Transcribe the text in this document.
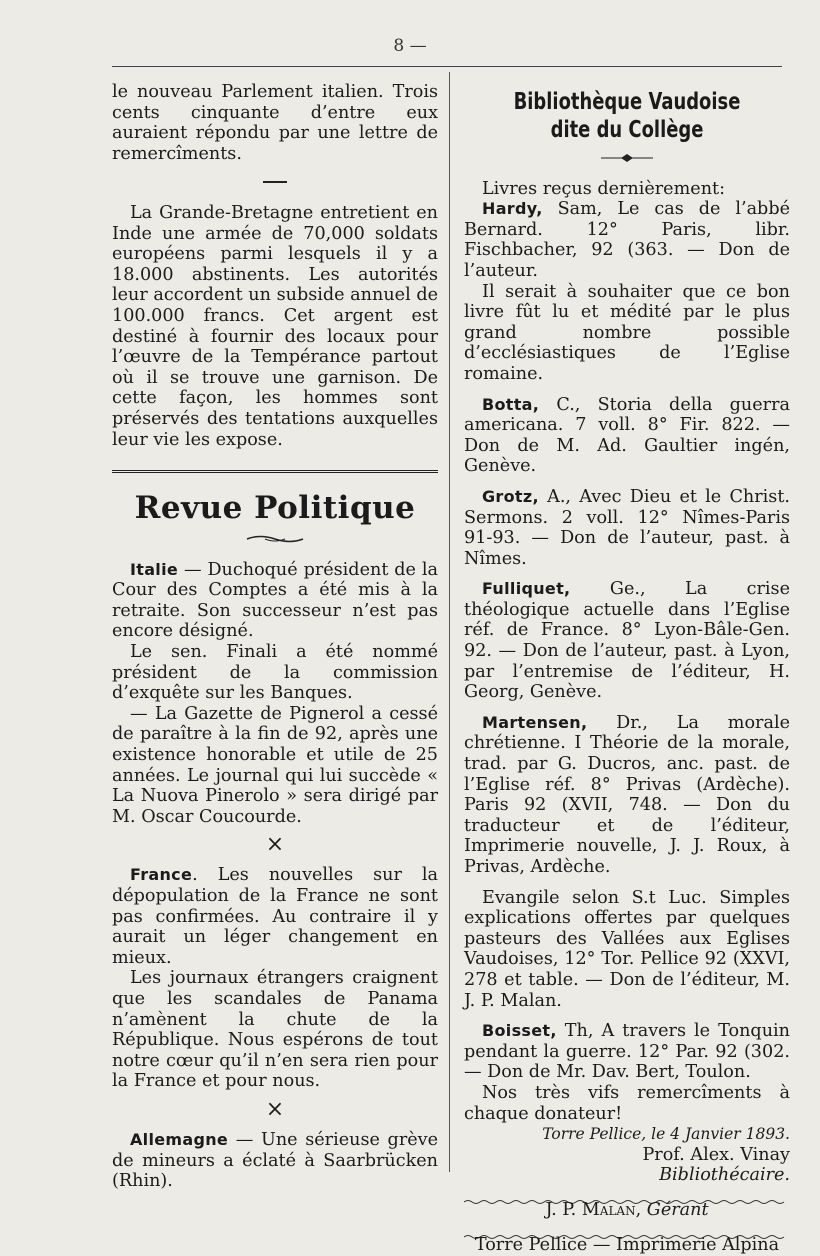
8 —

le nouveau Parlement italien. Trois cents cinquante d’entre eux auraient répondu par une lettre de remercîments.

La Grande-Bretagne entretient en Inde une armée de 70,000 soldats européens parmi lesquels il y a 18.000 abstinents. Les autorités leur accordent un subside annuel de 100.000 francs. Cet argent est destiné à fournir des locaux pour l’œuvre de la Tempérance partout où il se trouve une garnison. De cette façon, les hommes sont préservés des tentations auxquelles leur vie les expose.

Revue Politique

Italie — Duchoqué président de la Cour des Comptes a été mis à la retraite. Son successeur n’est pas encore désigné.

Le sen. Finali a été nommé président de la commission d’exquête sur les Banques.

— La Gazette de Pignerol a cessé de paraître à la fin de 92, après une existence honorable et utile de 25 années. Le journal qui lui succède « La Nuova Pinerolo » sera dirigé par M. Oscar Coucourde.

×

France. Les nouvelles sur la dépopulation de la France ne sont pas confirmées. Au contraire il y aurait un léger changement en mieux.

Les journaux étrangers craignent que les scandales de Panama n’amènent la chute de la République. Nous espérons de tout notre cœur qu’il n’en sera rien pour la France et pour nous.

×

Allemagne — Une sérieuse grève de mineurs a éclaté à Saarbrücken (Rhin).

Bibliothèque Vaudoise dite du Collège

Livres reçus dernièrement:

Hardy, Sam, Le cas de l’abbé Bernard. 12° Paris, libr. Fischbacher, 92 (363. — Don de l’auteur.

Il serait à souhaiter que ce bon livre fût lu et médité par le plus grand nombre possible d’ecclésiastiques de l’Eglise romaine.

Botta, C., Storia della guerra americana. 7 voll. 8° Fir. 822. — Don de M. Ad. Gaultier ingén, Genève.

Grotz, A., Avec Dieu et le Christ. Sermons. 2 voll. 12° Nîmes-Paris 91-93. — Don de l’auteur, past. à Nîmes.

Fulliquet, Ge., La crise théologique actuelle dans l’Eglise réf. de France. 8° Lyon-Bâle-Gen. 92. — Don de l’auteur, past. à Lyon, par l’entremise de l’éditeur, H. Georg, Genève.

Martensen, Dr., La morale chrétienne. I Théorie de la morale, trad. par G. Ducros, anc. past. de l’Eglise réf. 8° Privas (Ardèche). Paris 92 (XVII, 748. — Don du traducteur et de l’éditeur, Imprimerie nouvelle, J. J. Roux, à Privas, Ardèche.

Evangile selon S.t Luc. Simples explications offertes par quelques pasteurs des Vallées aux Eglises Vaudoises, 12° Tor. Pellice 92 (XXVI, 278 et table. — Don de l’éditeur, M. J. P. Malan.

Boisset, Th, A travers le Tonquin pendant la guerre. 12° Par. 92 (302. — Don de Mr. Dav. Bert, Toulon.

Nos très vifs remercîments à chaque donateur!

Torre Pellice, le 4 Janvier 1893.

Prof. Alex. Vinay

Bibliothécaire.

J. P. Malan, Gérant

Torre Pellice — Imprimerie Alpina
